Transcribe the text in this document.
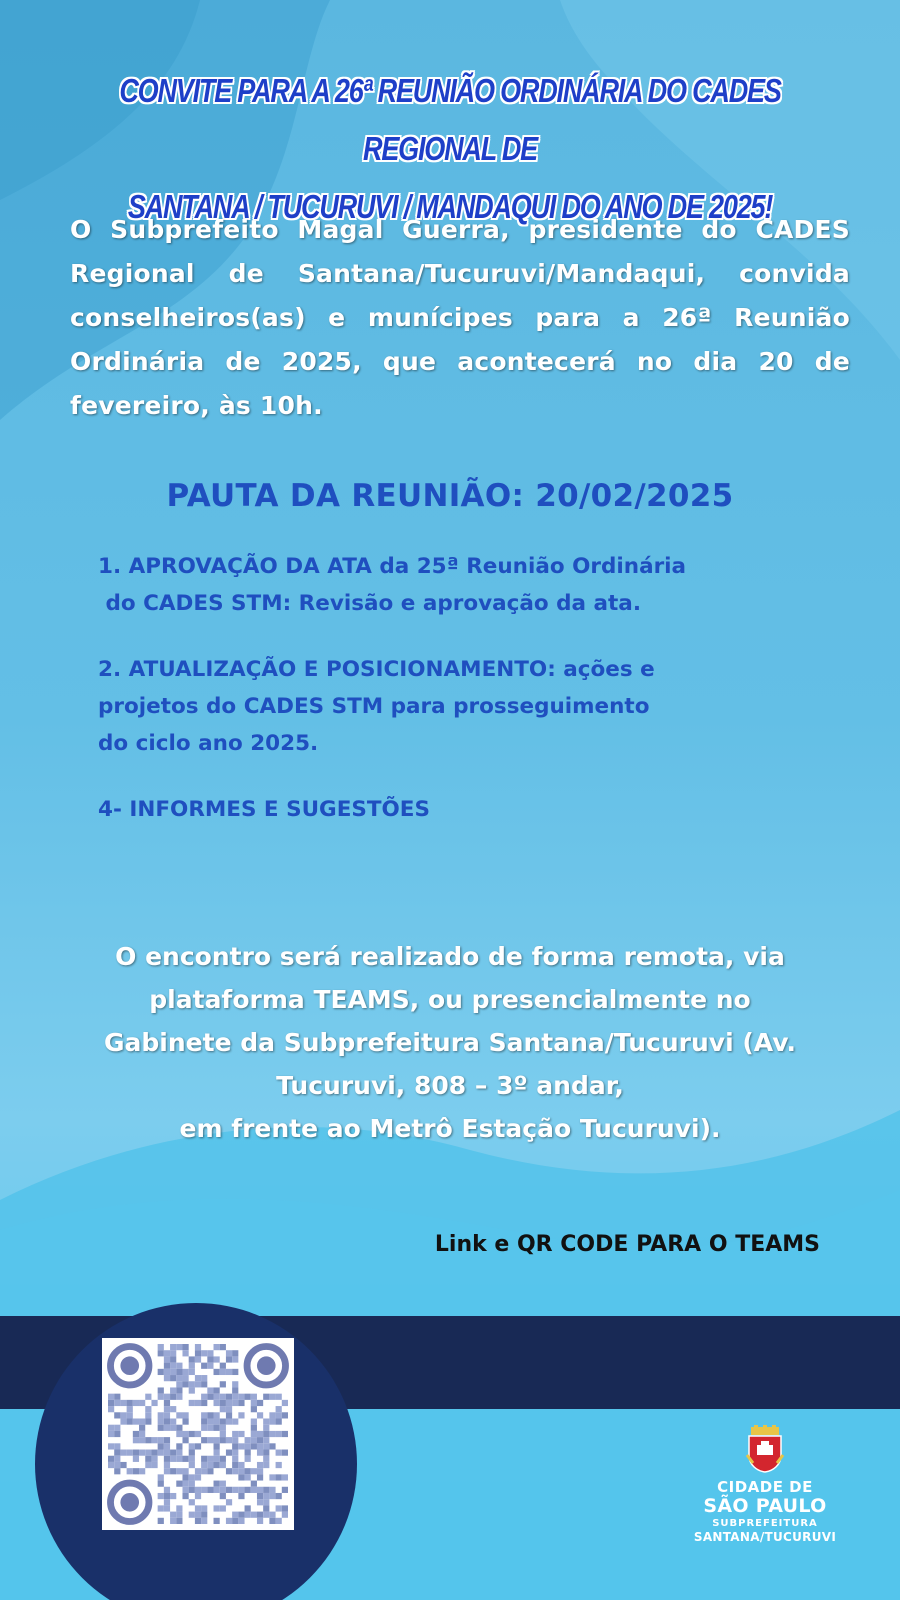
CONVITE PARA A 26ª REUNIÃO ORDINÁRIA DO CADES REGIONAL DE
SANTANA / TUCURUVI / MANDAQUI DO ANO DE 2025!

O Subprefeito Magal Guerra, presidente do CADES Regional de Santana/Tucuruvi/Mandaqui, convida conselheiros(as) e munícipes para a 26ª Reunião Ordinária de 2025, que acontecerá no dia 20 de fevereiro, às 10h.

PAUTA DA REUNIÃO: 20/02/2025
1. APROVAÇÃO DA ATA da 25ª Reunião Ordinária
do CADES STM: Revisão e aprovação da ata.
2. ATUALIZAÇÃO E POSICIONAMENTO: ações e
projetos do CADES STM para prosseguimento
do ciclo ano 2025.
4- INFORMES E SUGESTÕES
O encontro será realizado de forma remota, via
plataforma TEAMS, ou presencialmente no
Gabinete da Subprefeitura Santana/Tucuruvi (Av.
Tucuruvi, 808 – 3º andar,
em frente ao Metrô Estação Tucuruvi).
Link e QR CODE PARA O TEAMS
CIDADE DE
SÃO PAULO
SUBPREFEITURA
SANTANA/TUCURUVI
